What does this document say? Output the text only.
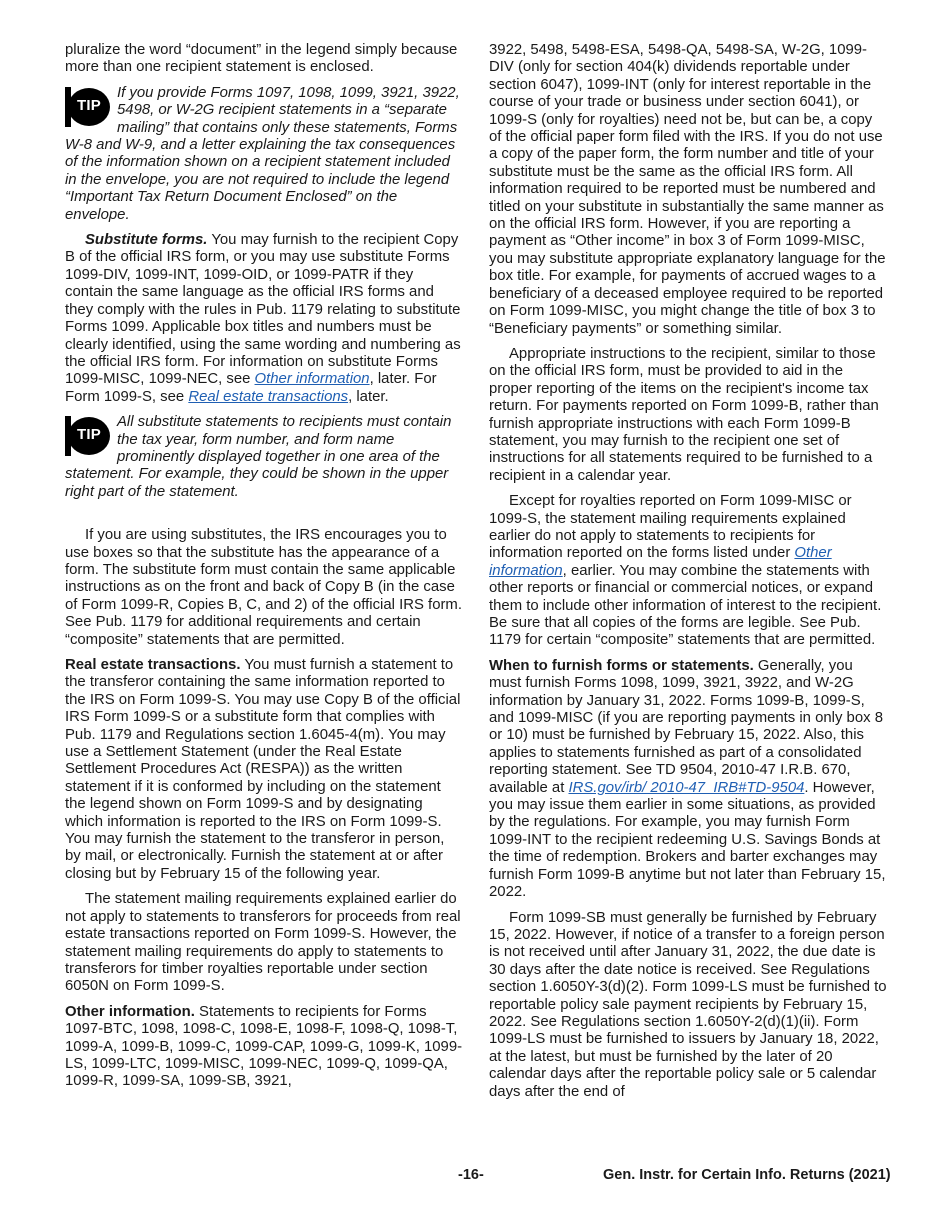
pluralize the word “document” in the legend simply because more than one recipient statement is enclosed.

TIP
If you provide Forms 1097, 1098, 1099, 3921, 3922, 5498, or W-2G recipient statements in a “separate mailing” that contains only these statements, Forms W-8 and W-9, and a letter explaining the tax consequences of the information shown on a recipient statement included in the envelope, you are not required to include the legend “Important Tax Return Document Enclosed” on the envelope.

Substitute forms. You may furnish to the recipient Copy B of the official IRS form, or you may use substitute Forms 1099-DIV, 1099-INT, 1099-OID, or 1099-PATR if they contain the same language as the official IRS forms and they comply with the rules in Pub. 1179 relating to substitute Forms 1099. Applicable box titles and numbers must be clearly identified, using the same wording and numbering as the official IRS form. For information on substitute Forms 1099-MISC, 1099-NEC, see Other information, later. For Form 1099-S, see Real estate transactions, later.

TIP
All substitute statements to recipients must contain the tax year, form number, and form name prominently displayed together in one area of the statement. For example, they could be shown in the upper right part of the statement.

If you are using substitutes, the IRS encourages you to use boxes so that the substitute has the appearance of a form. The substitute form must contain the same applicable instructions as on the front and back of Copy B (in the case of Form 1099-R, Copies B, C, and 2) of the official IRS form. See Pub. 1179 for additional requirements and certain “composite” statements that are permitted.

Real estate transactions. You must furnish a statement to the transferor containing the same information reported to the IRS on Form 1099-S. You may use Copy B of the official IRS Form 1099-S or a substitute form that complies with Pub. 1179 and Regulations section 1.6045-4(m). You may use a Settlement Statement (under the Real Estate Settlement Procedures Act (RESPA)) as the written statement if it is conformed by including on the statement the legend shown on Form 1099-S and by designating which information is reported to the IRS on Form 1099-S. You may furnish the statement to the transferor in person, by mail, or electronically. Furnish the statement at or after closing but by February 15 of the following year.

The statement mailing requirements explained earlier do not apply to statements to transferors for proceeds from real estate transactions reported on Form 1099-S. However, the statement mailing requirements do apply to statements to transferors for timber royalties reportable under section 6050N on Form 1099-S.

Other information. Statements to recipients for Forms 1097-BTC, 1098, 1098-C, 1098-E, 1098-F, 1098-Q, 1098-T, 1099-A, 1099-B, 1099-C, 1099-CAP, 1099-G, 1099-K, 1099-LS, 1099-LTC, 1099-MISC, 1099-NEC, 1099-Q, 1099-QA, 1099-R, 1099-SA, 1099-SB, 3921,

3922, 5498, 5498-ESA, 5498-QA, 5498-SA, W-2G, 1099-DIV (only for section 404(k) dividends reportable under section 6047), 1099-INT (only for interest reportable in the course of your trade or business under section 6041), or 1099-S (only for royalties) need not be, but can be, a copy of the official paper form filed with the IRS. If you do not use a copy of the paper form, the form number and title of your substitute must be the same as the official IRS form. All information required to be reported must be numbered and titled on your substitute in substantially the same manner as on the official IRS form. However, if you are reporting a payment as “Other income” in box 3 of Form 1099-MISC, you may substitute appropriate explanatory language for the box title. For example, for payments of accrued wages to a beneficiary of a deceased employee required to be reported on Form 1099-MISC, you might change the title of box 3 to “Beneficiary payments” or something similar.

Appropriate instructions to the recipient, similar to those on the official IRS form, must be provided to aid in the proper reporting of the items on the recipient's income tax return. For payments reported on Form 1099-B, rather than furnish appropriate instructions with each Form 1099-B statement, you may furnish to the recipient one set of instructions for all statements required to be furnished to a recipient in a calendar year.

Except for royalties reported on Form 1099-MISC or 1099-S, the statement mailing requirements explained earlier do not apply to statements to recipients for information reported on the forms listed under Other information, earlier. You may combine the statements with other reports or financial or commercial notices, or expand them to include other information of interest to the recipient. Be sure that all copies of the forms are legible. See Pub. 1179 for certain “composite” statements that are permitted.

When to furnish forms or statements. Generally, you must furnish Forms 1098, 1099, 3921, 3922, and W-2G information by January 31, 2022. Forms 1099-B, 1099-S, and 1099-MISC (if you are reporting payments in only box 8 or 10) must be furnished by February 15, 2022. Also, this applies to statements furnished as part of a consolidated reporting statement. See TD 9504, 2010-47 I.R.B. 670, available at IRS.gov/irb/ 2010-47_IRB#TD-9504. However, you may issue them earlier in some situations, as provided by the regulations. For example, you may furnish Form 1099-INT to the recipient redeeming U.S. Savings Bonds at the time of redemption. Brokers and barter exchanges may furnish Form 1099-B anytime but not later than February 15, 2022.

Form 1099-SB must generally be furnished by February 15, 2022. However, if notice of a transfer to a foreign person is not received until after January 31, 2022, the due date is 30 days after the date notice is received. See Regulations section 1.6050Y-3(d)(2). Form 1099-LS must be furnished to reportable policy sale payment recipients by February 15, 2022. See Regulations section 1.6050Y-2(d)(1)(ii). Form 1099-LS must be furnished to issuers by January 18, 2022, at the latest, but must be furnished by the later of 20 calendar days after the reportable policy sale or 5 calendar days after the end of

-16-	Gen. Instr. for Certain Info. Returns (2021)
